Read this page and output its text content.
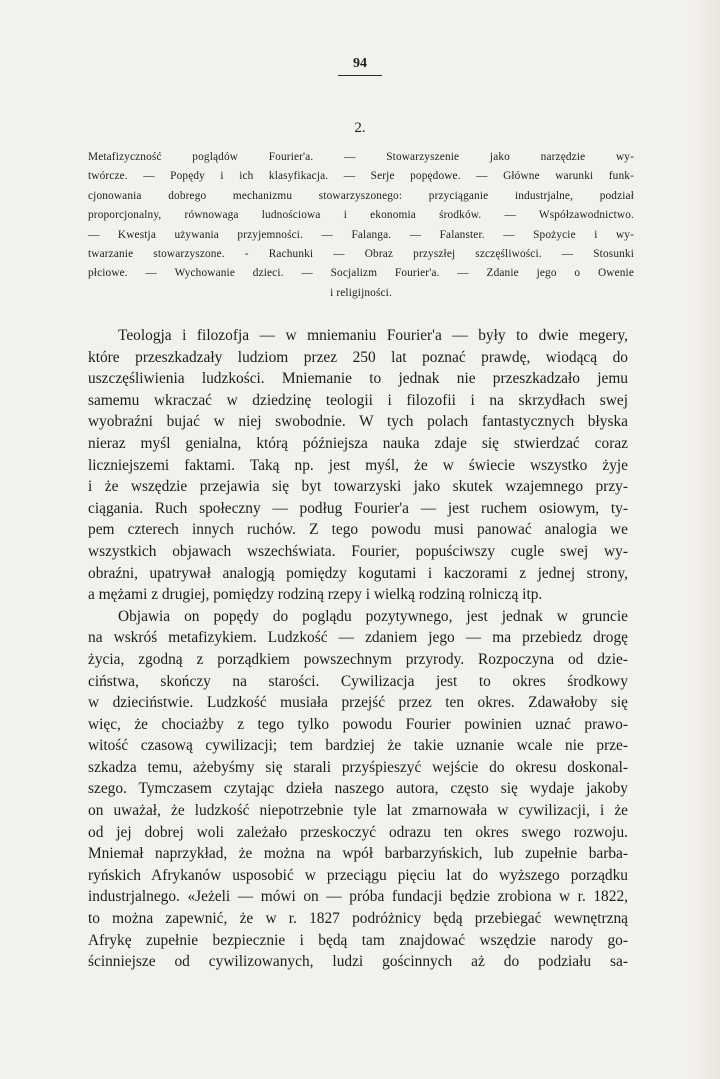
94
2.
Metafizyczność poglądów Fourier'a. — Stowarzyszenie jako narzędzie wy-
twórcze. — Popędy i ich klasyfikacja. — Serje popędowe. — Główne warunki funk-
cjonowania dobrego mechanizmu stowarzyszonego: przyciąganie industrjalne, podział
proporcjonalny, równowaga ludnościowa i ekonomia środków. — Współzawodnictwo.
— Kwestja używania przyjemności. — Falanga. — Falanster. — Spożycie i wy-
twarzanie stowarzyszone. - Rachunki — Obraz przyszłej szczęśliwości. — Stosunki
płciowe. — Wychowanie dzieci. — Socjalizm Fourier'a. — Zdanie jego o Owenie
i religijności.
Teologja i filozofja — w mniemaniu Fourier'a — były to dwie megery,
które przeszkadzały ludziom przez 250 lat poznać prawdę, wiodącą do
uszczęśliwienia ludzkości. Mniemanie to jednak nie przeszkadzało jemu
samemu wkraczać w dziedzinę teologii i filozofii i na skrzydłach swej
wyobraźni bujać w niej swobodnie. W tych polach fantastycznych błyska
nieraz myśl genialna, którą późniejsza nauka zdaje się stwierdzać coraz
liczniejszemi faktami. Taką np. jest myśl, że w świecie wszystko żyje
i że wszędzie przejawia się byt towarzyski jako skutek wzajemnego przy-
ciągania. Ruch społeczny — podług Fourier'a — jest ruchem osiowym, ty-
pem czterech innych ruchów. Z tego powodu musi panować analogia we
wszystkich objawach wszechświata. Fourier, popuściwszy cugle swej wy-
obraźni, upatrywał analogją pomiędzy kogutami i kaczorami z jednej strony,
a mężami z drugiej, pomiędzy rodziną rzepy i wielką rodziną rolniczą itp.
Objawia on popędy do poglądu pozytywnego, jest jednak w gruncie
na wskróś metafizykiem. Ludzkość — zdaniem jego — ma przebiedz drogę
życia, zgodną z porządkiem powszechnym przyrody. Rozpoczyna od dzie-
ciństwa, skończy na starości. Cywilizacja jest to okres środkowy
w dzieciństwie. Ludzkość musiała przejść przez ten okres. Zdawałoby się
więc, że chociażby z tego tylko powodu Fourier powinien uznać prawo-
witość czasową cywilizacji; tem bardziej że takie uznanie wcale nie prze-
szkadza temu, ażebyśmy się starali przyśpieszyć wejście do okresu doskonal-
szego. Tymczasem czytając dzieła naszego autora, często się wydaje jakoby
on uważał, że ludzkość niepotrzebnie tyle lat zmarnowała w cywilizacji, i że
od jej dobrej woli zależało przeskoczyć odrazu ten okres swego rozwoju.
Mniemał naprzykład, że można na wpół barbarzyńskich, lub zupełnie barba-
ryńskich Afrykanów usposobić w przeciągu pięciu lat do wyższego porządku
industrjalnego. «Jeżeli — mówi on — próba fundacji będzie zrobiona w r. 1822,
to można zapewnić, że w r. 1827 podróżnicy będą przebiegać wewnętrzną
Afrykę zupełnie bezpiecznie i będą tam znajdować wszędzie narody go-
ścinniejsze od cywilizowanych, ludzi gościnnych aż do podziału sa-
